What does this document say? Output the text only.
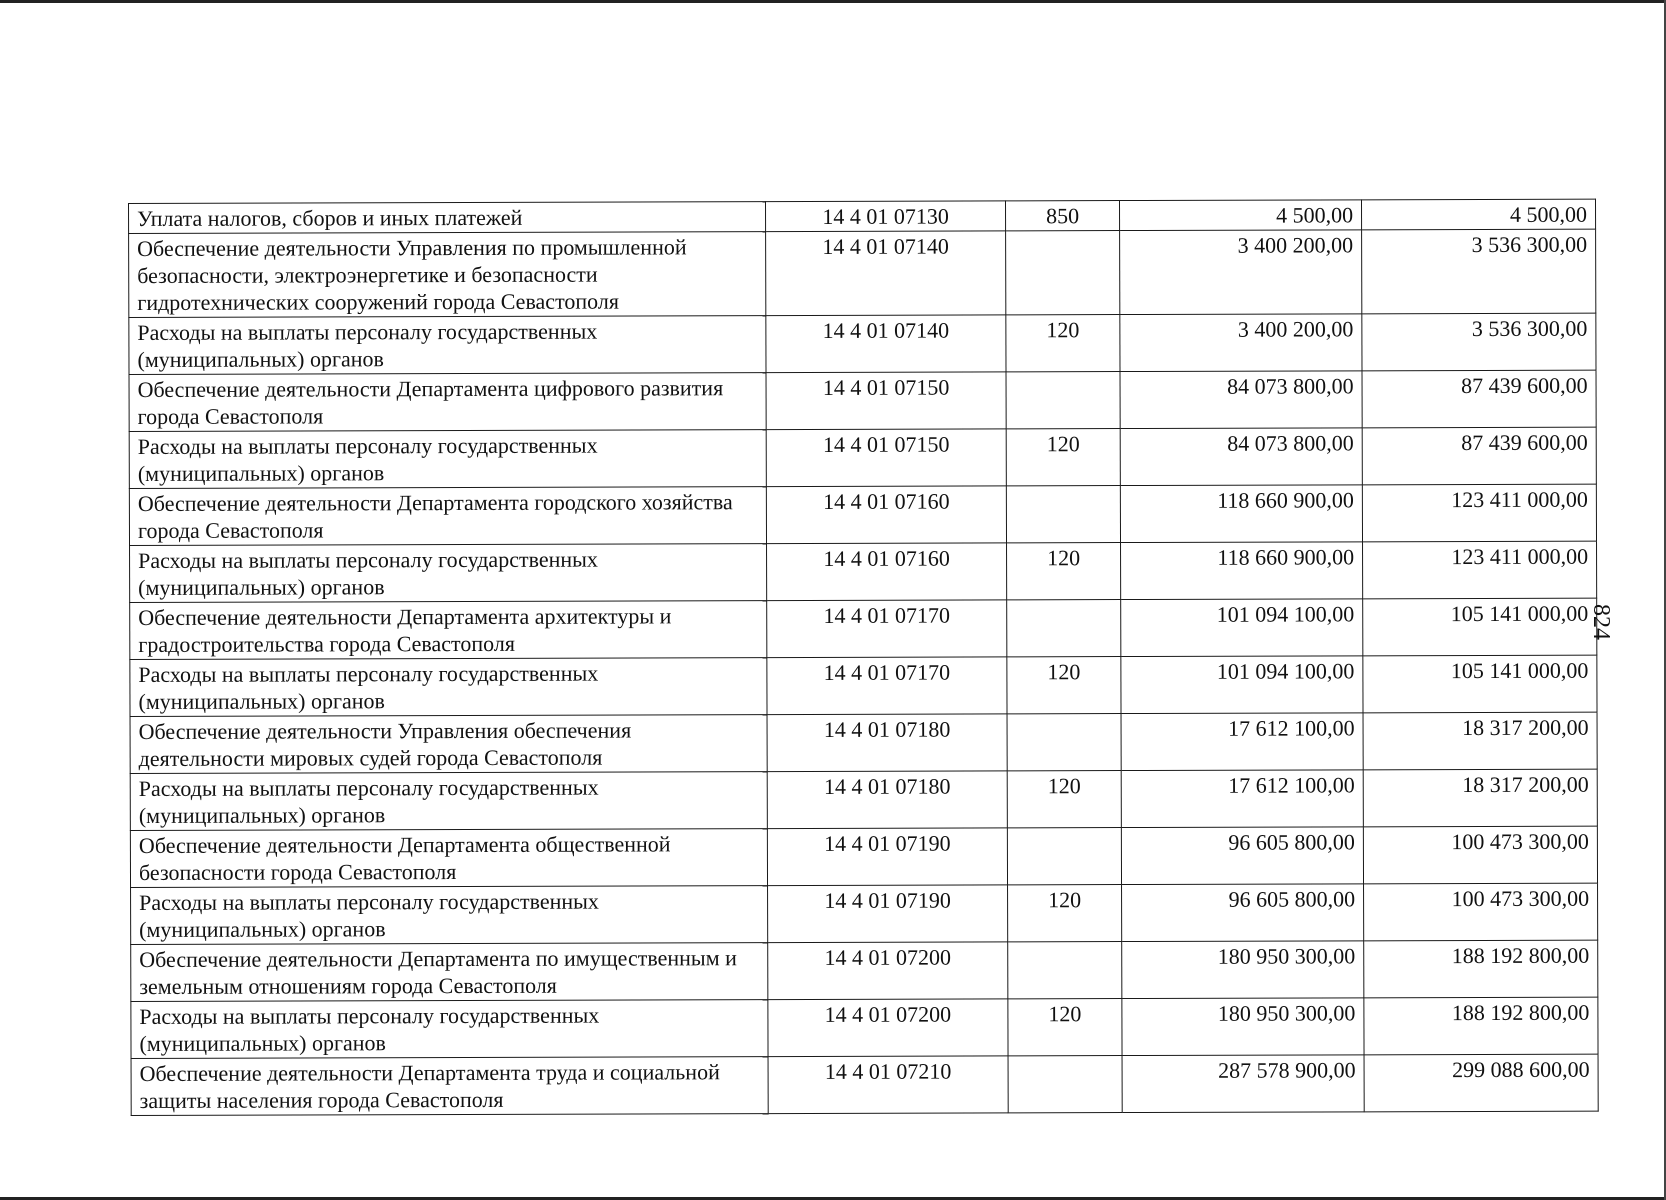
Уплата налогов, сборов и иных платежей	14 4 01 07130	850	4 500,00	4 500,00
Обеспечение деятельности Управления по промышленной безопасности, электроэнергетике и безопасности гидротехнических сооружений города Севастополя	14 4 01 07140		3 400 200,00	3 536 300,00
Расходы на выплаты персоналу государственных (муниципальных) органов	14 4 01 07140	120	3 400 200,00	3 536 300,00
Обеспечение деятельности Департамента цифрового развития города Севастополя	14 4 01 07150		84 073 800,00	87 439 600,00
Расходы на выплаты персоналу государственных (муниципальных) органов	14 4 01 07150	120	84 073 800,00	87 439 600,00
Обеспечение деятельности Департамента городского хозяйства города Севастополя	14 4 01 07160		118 660 900,00	123 411 000,00
Расходы на выплаты персоналу государственных (муниципальных) органов	14 4 01 07160	120	118 660 900,00	123 411 000,00
Обеспечение деятельности Департамента архитектуры и градостроительства города Севастополя	14 4 01 07170		101 094 100,00	105 141 000,00
Расходы на выплаты персоналу государственных (муниципальных) органов	14 4 01 07170	120	101 094 100,00	105 141 000,00
Обеспечение деятельности Управления обеспечения деятельности мировых судей города Севастополя	14 4 01 07180		17 612 100,00	18 317 200,00
Расходы на выплаты персоналу государственных (муниципальных) органов	14 4 01 07180	120	17 612 100,00	18 317 200,00
Обеспечение деятельности Департамента общественной безопасности города Севастополя	14 4 01 07190		96 605 800,00	100 473 300,00
Расходы на выплаты персоналу государственных (муниципальных) органов	14 4 01 07190	120	96 605 800,00	100 473 300,00
Обеспечение деятельности Департамента по имущественным и земельным отношениям города Севастополя	14 4 01 07200		180 950 300,00	188 192 800,00
Расходы на выплаты персоналу государственных (муниципальных) органов	14 4 01 07200	120	180 950 300,00	188 192 800,00
Обеспечение деятельности Департамента труда и социальной защиты населения города Севастополя	14 4 01 07210		287 578 900,00	299 088 600,00
824
